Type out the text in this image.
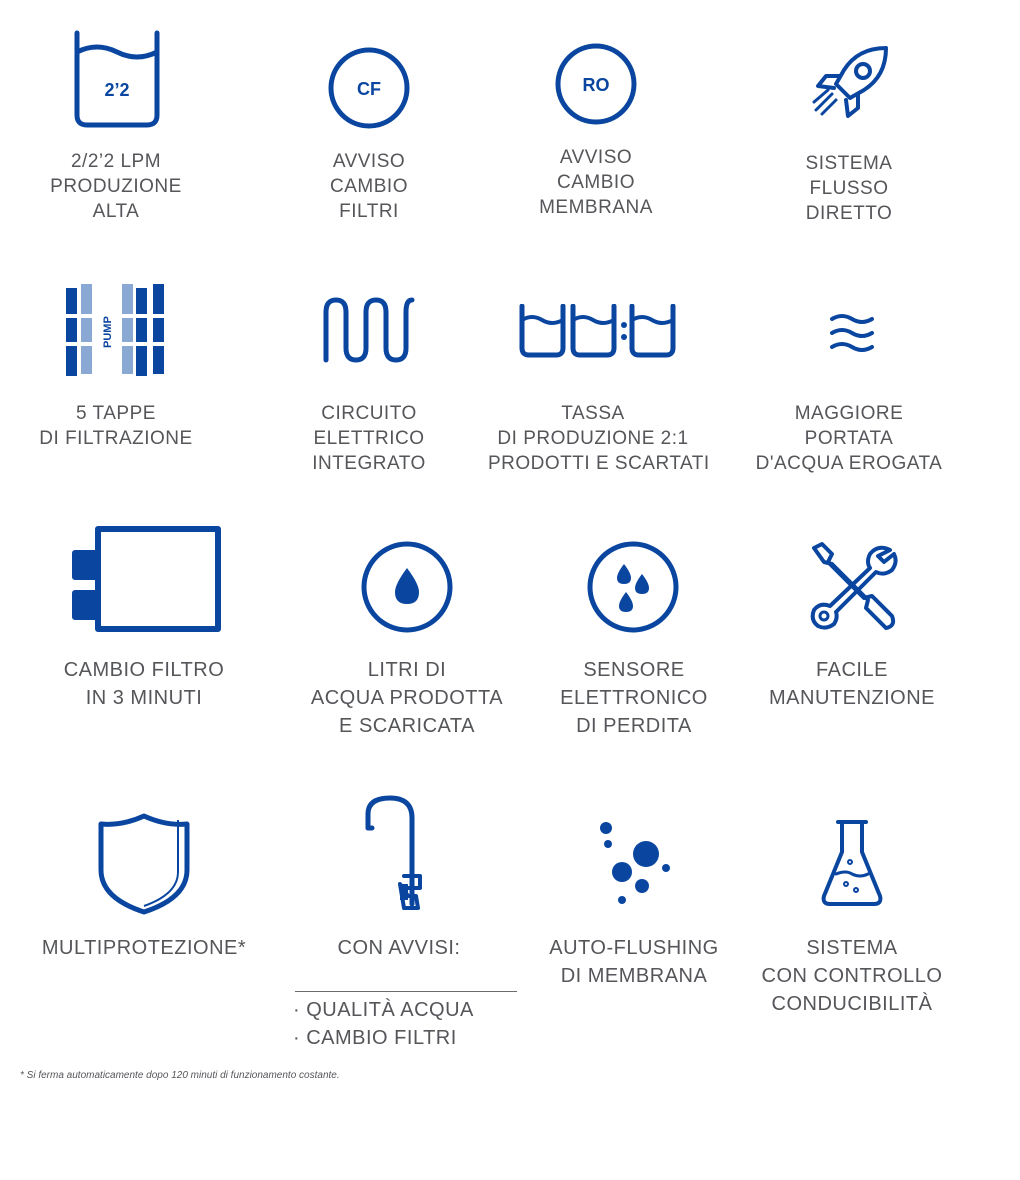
2’2
2/2’2 LPM
PRODUZIONE
ALTA
CF
AVVISO
CAMBIO
FILTRI
RO
AVVISO
CAMBIO
MEMBRANA
SISTEMA
FLUSSO
DIRETTO
PUMP
5 TAPPE
DI FILTRAZIONE
CIRCUITO
ELETTRICO
INTEGRATO
TASSA
DI PRODUZIONE 2:1
PRODOTTI E SCARTATI
MAGGIORE
PORTATA
D'ACQUA EROGATA
CAMBIO FILTRO
IN 3 MINUTI
LITRI DI
ACQUA PRODOTTA
E SCARICATA
SENSORE
ELETTRONICO
DI PERDITA
FACILE
MANUTENZIONE
MULTIPROTEZIONE*	CON AVVISI:
· QUALITÀ ACQUA
· CAMBIO FILTRI
AUTO-FLUSHING
DI MEMBRANA
SISTEMA
CON CONTROLLO
CONDUCIBILITÀ
* Si ferma automaticamente dopo 120 minuti di funzionamento costante.
